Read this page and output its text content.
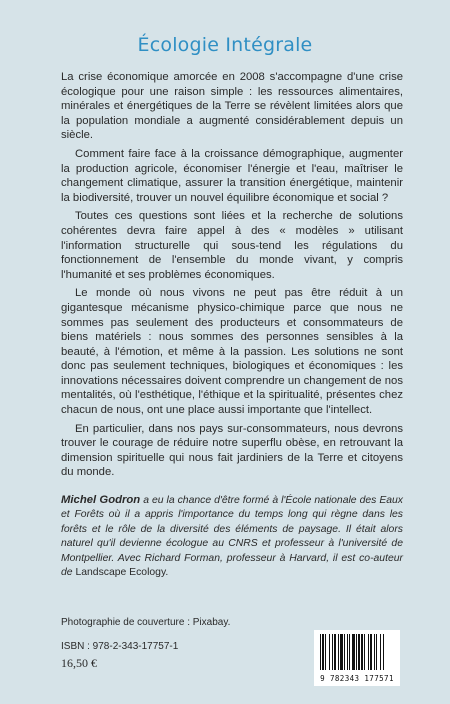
Écologie Intégrale

La crise économique amorcée en 2008 s'accompagne d'une crise écologique pour une raison simple : les ressources alimentaires, minérales et énergétiques de la Terre se révèlent limitées alors que la population mondiale a augmenté considérablement depuis un siècle.

Comment faire face à la croissance démographique, augmenter la production agricole, économiser l'énergie et l'eau, maîtriser le changement climatique, assurer la transition énergétique, maintenir la biodiversité, trouver un nouvel équilibre économique et social ?

Toutes ces questions sont liées et la recherche de solutions cohérentes devra faire appel à des « modèles » utilisant l'information structurelle qui sous-tend les régulations du fonctionnement de l'ensemble du monde vivant, y compris l'humanité et ses problèmes économiques.

Le monde où nous vivons ne peut pas être réduit à un gigantesque mécanisme physico-chimique parce que nous ne sommes pas seulement des producteurs et consommateurs de biens matériels : nous sommes des personnes sensibles à la beauté, à l'émotion, et même à la passion. Les solutions ne sont donc pas seulement techniques, biologiques et économiques : les innovations nécessaires doivent comprendre un changement de nos mentalités, où l'esthétique, l'éthique et la spiritualité, présentes chez chacun de nous, ont une place aussi importante que l'intellect.

En particulier, dans nos pays sur-consommateurs, nous devrons trouver le courage de réduire notre superflu obèse, en retrouvant la dimension spirituelle qui nous fait jardiniers de la Terre et citoyens du monde.

Michel Godron a eu la chance d'être formé à l'École nationale des Eaux et Forêts où il a appris l'importance du temps long qui règne dans les forêts et le rôle de la diversité des éléments de paysage. Il était alors naturel qu'il devienne écologue au CNRS et professeur à l'université de Montpellier. Avec Richard Forman, professeur à Harvard, il est co-auteur de Landscape Ecology.
Photographie de couverture : Pixabay.
ISBN : 978-2-343-17757-1
16,50 €
9 782343 177571
